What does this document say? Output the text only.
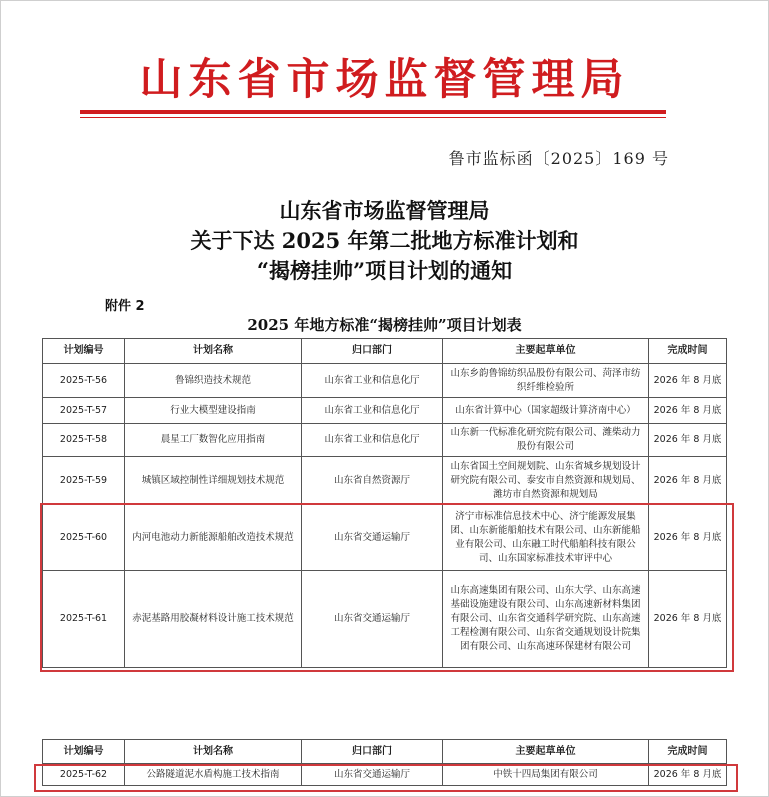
山东省市场监督管理局
鲁市监标函〔2025〕169 号
山东省市场监督管理局
关于下达 2025 年第二批地方标准计划和
“揭榜挂帅”项目计划的通知
附件 2
2025 年地方标准“揭榜挂帅”项目计划表
计划编号	计划名称	归口部门	主要起草单位	完成时间
2025-T-56	鲁锦织造技术规范	山东省工业和信息化厅	山东乡韵鲁锦纺织品股份有限公司、菏泽市纺织纤维检验所	2026 年 8 月底
2025-T-57	行业大模型建设指南	山东省工业和信息化厅	山东省计算中心（国家超级计算济南中心）	2026 年 8 月底
2025-T-58	晨星工厂数智化应用指南	山东省工业和信息化厅	山东新一代标准化研究院有限公司、潍柴动力股份有限公司	2026 年 8 月底
2025-T-59	城镇区域控制性详细规划技术规范	山东省自然资源厅	山东省国土空间规划院、山东省城乡规划设计研究院有限公司、泰安市自然资源和规划局、潍坊市自然资源和规划局	2026 年 8 月底
2025-T-60	内河电池动力新能源船舶改造技术规范	山东省交通运输厅	济宁市标准信息技术中心、济宁能源发展集团、山东新能船舶技术有限公司、山东新能船业有限公司、山东融工时代船舶科技有限公司、山东国家标准技术审评中心	2026 年 8 月底
2025-T-61	赤泥基路用胶凝材料设计施工技术规范	山东省交通运输厅	山东高速集团有限公司、山东大学、山东高速基础设施建设有限公司、山东高速新材料集团有限公司、山东省交通科学研究院、山东高速工程检测有限公司、山东省交通规划设计院集团有限公司、山东高速环保建材有限公司	2026 年 8 月底
计划编号	计划名称	归口部门	主要起草单位	完成时间
2025-T-62	公路隧道泥水盾构施工技术指南	山东省交通运输厅	中铁十四局集团有限公司	2026 年 8 月底
